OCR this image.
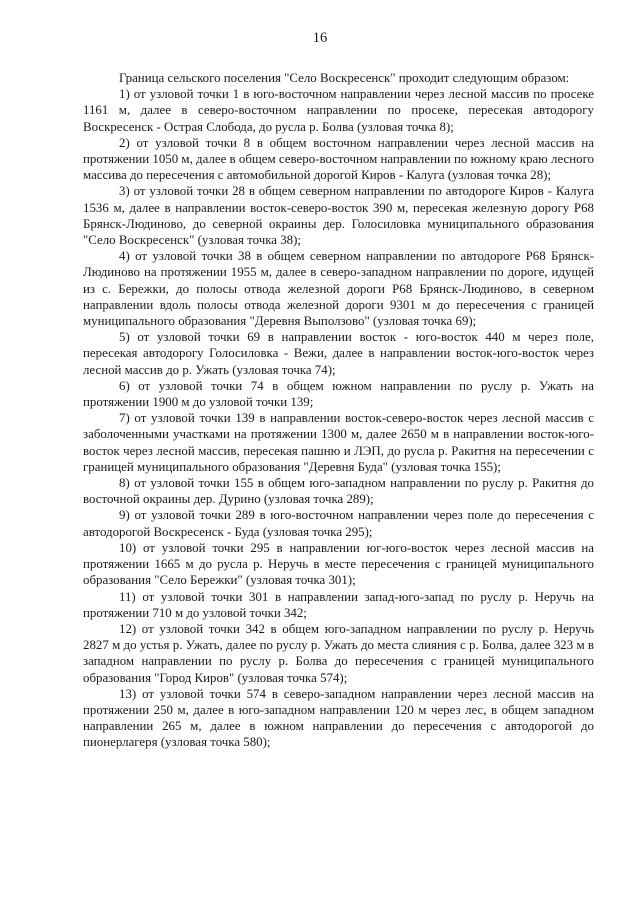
16

Граница сельского поселения "Село Воскресенск" проходит следующим образом:

1) от узловой точки 1 в юго-восточном направлении через лесной массив по просеке 1161 м, далее в северо-восточном направлении по просеке, пересекая автодорогу Воскресенск - Острая Слобода, до русла р. Болва (узловая точка 8);

2) от узловой точки 8 в общем восточном направлении через лесной массив на протяжении 1050 м, далее в общем северо-восточном направлении по южному краю лесного массива до пересечения с автомобильной дорогой Киров - Калуга (узловая точка 28);

3) от узловой точки 28 в общем северном направлении по автодороге Киров - Калуга 1536 м, далее в направлении восток-северо-восток 390 м, пересекая железную дорогу Р68 Брянск-Людиново, до северной окраины дер. Голосиловка муниципального образования "Село Воскресенск" (узловая точка 38);

4) от узловой точки 38 в общем северном направлении по автодороге Р68 Брянск-Людиново на протяжении 1955 м, далее в северо-западном направлении по дороге, идущей из с. Бережки, до полосы отвода железной дороги Р68 Брянск-Людиново, в северном направлении вдоль полосы отвода железной дороги 9301 м до пересечения с границей муниципального образования "Деревня Выползово" (узловая точка 69);

5) от узловой точки 69 в направлении восток - юго-восток 440 м через поле, пересекая автодорогу Голосиловка - Вежи, далее в направлении восток-юго-восток через лесной массив до р. Ужать (узловая точка 74);

6) от узловой точки 74 в общем южном направлении по руслу р. Ужать на протяжении 1900 м до узловой точки 139;

7) от узловой точки 139 в направлении восток-северо-восток через лесной массив с заболоченными участками на протяжении 1300 м, далее 2650 м в направлении восток-юго-восток через лесной массив, пересекая пашню и ЛЭП, до русла р. Ракитня на пересечении с границей муниципального образования "Деревня Буда" (узловая точка 155);

8) от узловой точки 155 в общем юго-западном направлении по руслу р. Ракитня до восточной окраины дер. Дурино (узловая точка 289);

9) от узловой точки 289 в юго-восточном направлении через поле до пересечения с автодорогой Воскресенск - Буда (узловая точка 295);

10) от узловой точки 295 в направлении юг-юго-восток через лесной массив на протяжении 1665 м до русла р. Неручь в месте пересечения с границей муниципального образования "Село Бережки" (узловая точка 301);

11) от узловой точки 301 в направлении запад-юго-запад по руслу р. Неручь на протяжении 710 м до узловой точки 342;

12) от узловой точки 342 в общем юго-западном направлении по руслу р. Неручь 2827 м до устья р. Ужать, далее по руслу р. Ужать до места слияния с р. Болва, далее 323 м в западном направлении по руслу р. Болва до пересечения с границей муниципального образования "Город Киров" (узловая точка 574);

13) от узловой точки 574 в северо-западном направлении через лесной массив на протяжении 250 м, далее в юго-западном направлении 120 м через лес, в общем западном направлении 265 м, далее в южном направлении до пересечения с автодорогой до пионерлагеря (узловая точка 580);
